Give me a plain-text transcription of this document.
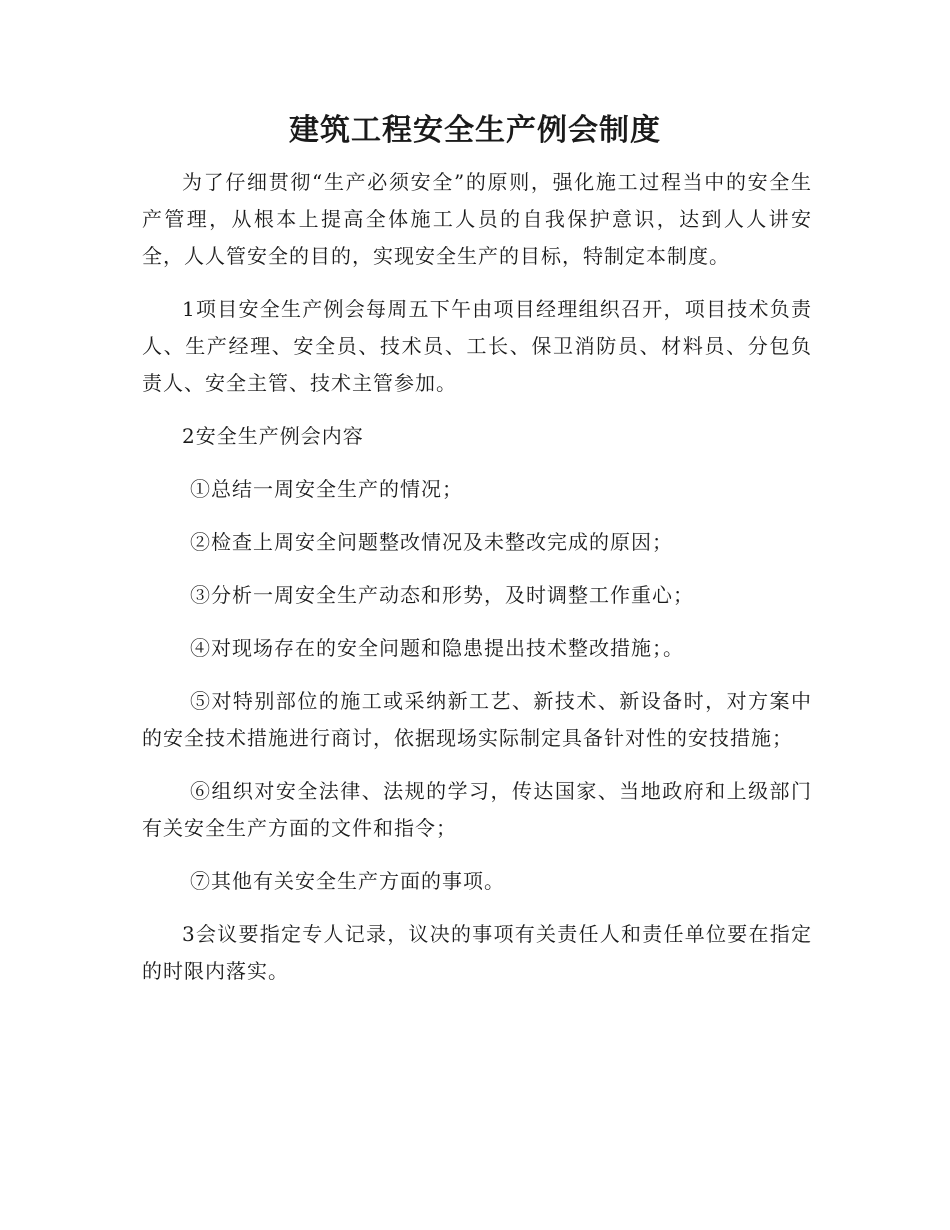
建筑工程安全生产例会制度

为了仔细贯彻“生产必须安全”的原则，强化施工过程当中的安全生产管理，从根本上提高全体施工人员的自我保护意识，达到人人讲安全，人人管安全的目的，实现安全生产的目标，特制定本制度。

1项目安全生产例会每周五下午由项目经理组织召开，项目技术负责人、生产经理、安全员、技术员、工长、保卫消防员、材料员、分包负责人、安全主管、技术主管参加。

2安全生产例会内容

①总结一周安全生产的情况；

②检查上周安全问题整改情况及未整改完成的原因；

③分析一周安全生产动态和形势，及时调整工作重心；

④对现场存在的安全问题和隐患提出技术整改措施；。

⑤对特别部位的施工或采纳新工艺、新技术、新设备时，对方案中的安全技术措施进行商讨，依据现场实际制定具备针对性的安技措施；

⑥组织对安全法律、法规的学习，传达国家、当地政府和上级部门有关安全生产方面的文件和指令；

⑦其他有关安全生产方面的事项。

3会议要指定专人记录，议决的事项有关责任人和责任单位要在指定的时限内落实。
